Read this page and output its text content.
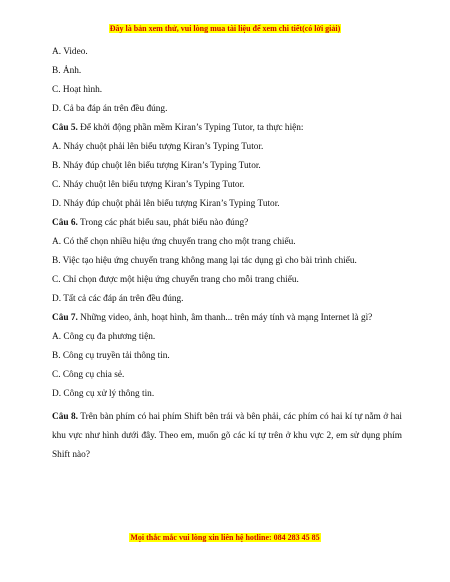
Đây là bản xem thử, vui lòng mua tài liệu để xem chi tiết(có lời giải)
A. Video.
B. Ảnh.
C. Hoạt hình.
D. Cả ba đáp án trên đều đúng.
Câu 5. Để khởi động phần mềm Kiran’s Typing Tutor, ta thực hiện:
A. Nháy chuột phải lên biểu tượng Kiran’s Typing Tutor.
B. Nháy đúp chuột lên biểu tượng Kiran’s Typing Tutor.
C. Nháy chuột lên biểu tượng Kiran’s Typing Tutor.
D. Nháy đúp chuột phải lên biểu tượng Kiran’s Typing Tutor.
Câu 6. Trong các phát biểu sau, phát biểu nào đúng?
A. Có thể chọn nhiều hiệu ứng chuyển trang cho một trang chiếu.
B. Việc tạo hiệu ứng chuyển trang không mang lại tác dụng gì cho bài trình chiếu.
C. Chỉ chọn được một hiệu ứng chuyển trang cho mỗi trang chiếu.
D. Tất cả các đáp án trên đều đúng.
Câu 7. Những video, ảnh, hoạt hình, âm thanh... trên máy tính và mạng Internet là gì?
A. Công cụ đa phương tiện.
B. Công cụ truyền tải thông tin.
C. Công cụ chia sẻ.
D. Công cụ xử lý thông tin.
Câu 8. Trên bàn phím có hai phím Shift bên trái và bên phải, các phím có hai kí tự nằm ở hai khu vực như hình dưới đây. Theo em, muốn gõ các kí tự trên ở khu vực 2, em sử dụng phím Shift nào?
Mọi thắc mắc vui lòng xin liên hệ hotline: 084 283 45 85
